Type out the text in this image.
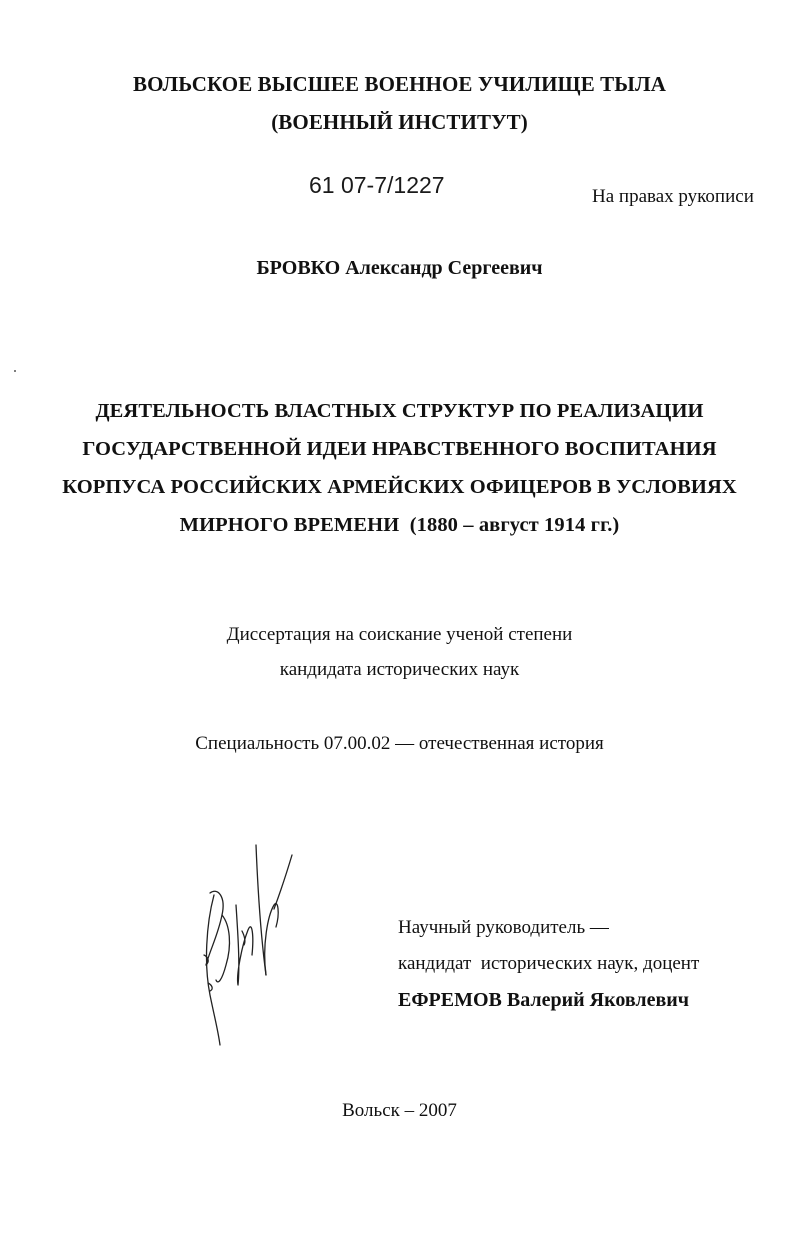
ВОЛЬСКОЕ ВЫСШЕЕ ВОЕННОЕ УЧИЛИЩЕ ТЫЛА
(ВОЕННЫЙ ИНСТИТУТ)
61 07-7/1227	На правах рукописи
БРОВКО Александр Сергеевич
ДЕЯТЕЛЬНОСТЬ ВЛАСТНЫХ СТРУКТУР ПО РЕАЛИЗАЦИИ
ГОСУДАРСТВЕННОЙ ИДЕИ НРАВСТВЕННОГО ВОСПИТАНИЯ
КОРПУСА РОССИЙСКИХ АРМЕЙСКИХ ОФИЦЕРОВ В УСЛОВИЯХ
МИРНОГО ВРЕМЕНИ (1880 – август 1914 гг.)
Диссертация на соискание ученой степени
кандидата исторических наук
Специальность 07.00.02 — отечественная история
Научный руководитель —
кандидат  исторических наук, доцент
ЕФРЕМОВ Валерий Яковлевич
Вольск – 2007
